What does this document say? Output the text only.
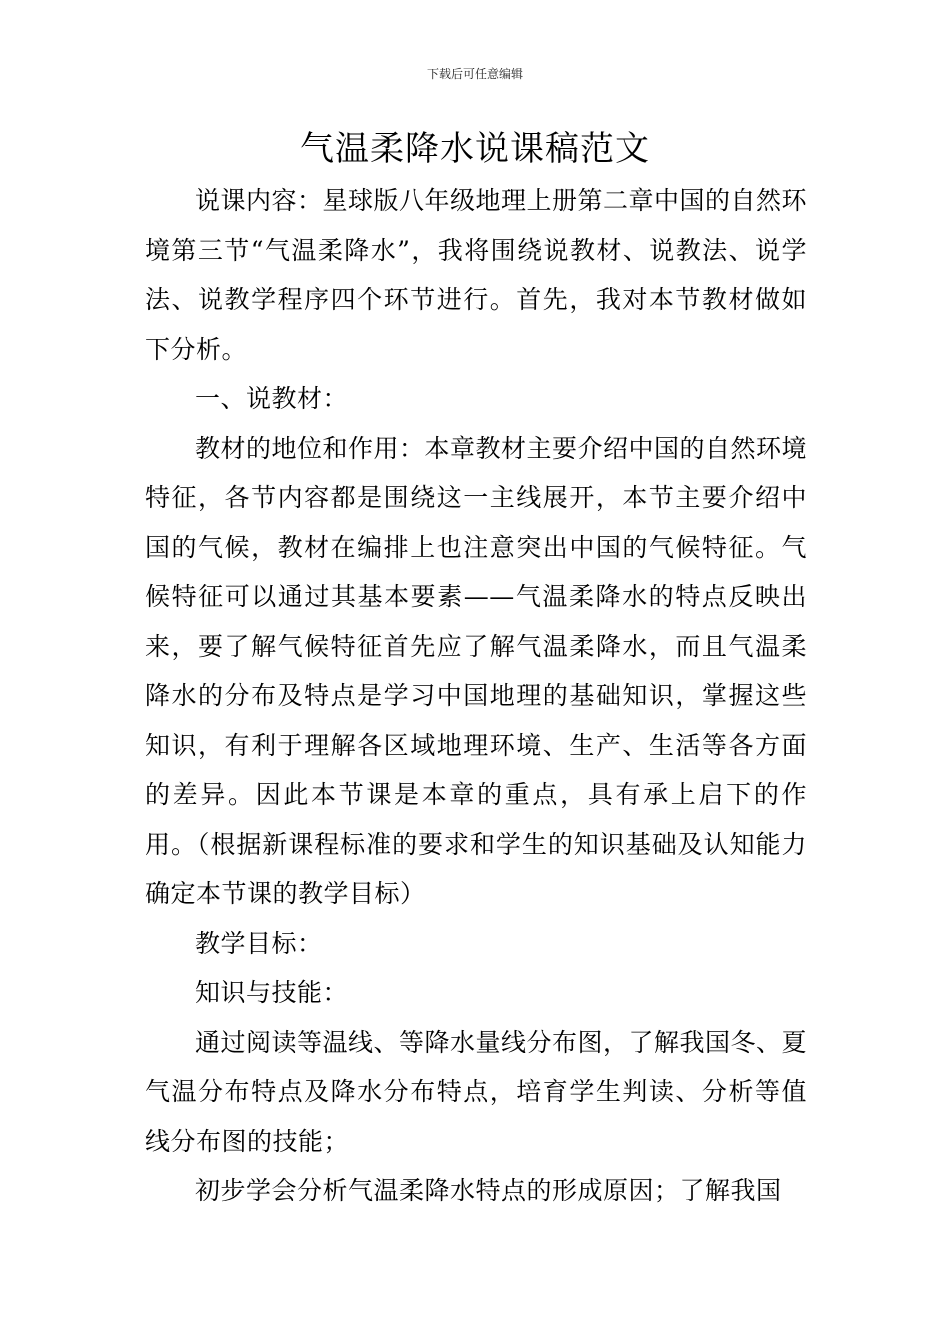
下载后可任意编辑
气温柔降水说课稿范文

说课内容：星球版八年级地理上册第二章中国的自然环境第三节“气温柔降水”，我将围绕说教材、说教法、说学法、说教学程序四个环节进行。首先，我对本节教材做如下分析。

一、说教材：

教材的地位和作用：本章教材主要介绍中国的自然环境特征，各节内容都是围绕这一主线展开，本节主要介绍中国的气候，教材在编排上也注意突出中国的气候特征。气候特征可以通过其基本要素——气温柔降水的特点反映出来，要了解气候特征首先应了解气温柔降水，而且气温柔降水的分布及特点是学习中国地理的基础知识，掌握这些知识，有利于理解各区域地理环境、生产、生活等各方面的差异。因此本节课是本章的重点，具有承上启下的作用。（根据新课程标准的要求和学生的知识基础及认知能力确定本节课的教学目标）

教学目标：

知识与技能：

通过阅读等温线、等降水量线分布图，了解我国冬、夏气温分布特点及降水分布特点，培育学生判读、分析等值线分布图的技能；

初步学会分析气温柔降水特点的形成原因；了解我国
